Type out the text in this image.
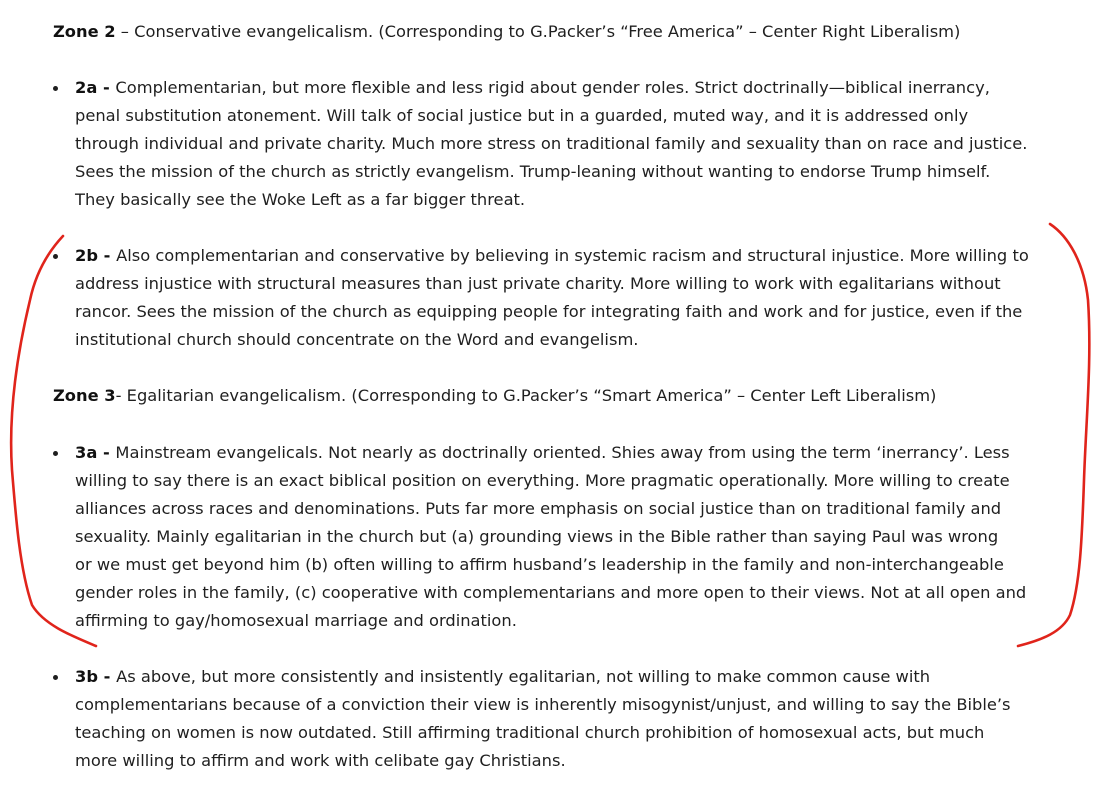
Zone 2 – Conservative evangelicalism. (Corresponding to G.Packer’s “Free America” – Center Right Liberalism)

2a - Complementarian, but more flexible and less rigid about gender roles. Strict doctrinally—biblical inerrancy,
penal substitution atonement. Will talk of social justice but in a guarded, muted way, and it is addressed only
through individual and private charity. Much more stress on traditional family and sexuality than on race and justice.
Sees the mission of the church as strictly evangelism. Trump-leaning without wanting to endorse Trump himself.
They basically see the Woke Left as a far bigger threat.
2b - Also complementarian and conservative by believing in systemic racism and structural injustice. More willing to
address injustice with structural measures than just private charity. More willing to work with egalitarians without
rancor. Sees the mission of the church as equipping people for integrating faith and work and for justice, even if the
institutional church should concentrate on the Word and evangelism.

Zone 3- Egalitarian evangelicalism. (Corresponding to G.Packer’s “Smart America” – Center Left Liberalism)

3a - Mainstream evangelicals. Not nearly as doctrinally oriented. Shies away from using the term ‘inerrancy’. Less
willing to say there is an exact biblical position on everything. More pragmatic operationally. More willing to create
alliances across races and denominations. Puts far more emphasis on social justice than on traditional family and
sexuality. Mainly egalitarian in the church but (a) grounding views in the Bible rather than saying Paul was wrong
or we must get beyond him (b) often willing to affirm husband’s leadership in the family and non-interchangeable
gender roles in the family, (c) cooperative with complementarians and more open to their views. Not at all open and
affirming to gay/homosexual marriage and ordination.
3b - As above, but more consistently and insistently egalitarian, not willing to make common cause with
complementarians because of a conviction their view is inherently misogynist/unjust, and willing to say the Bible’s
teaching on women is now outdated. Still affirming traditional church prohibition of homosexual acts, but much
more willing to affirm and work with celibate gay Christians.
